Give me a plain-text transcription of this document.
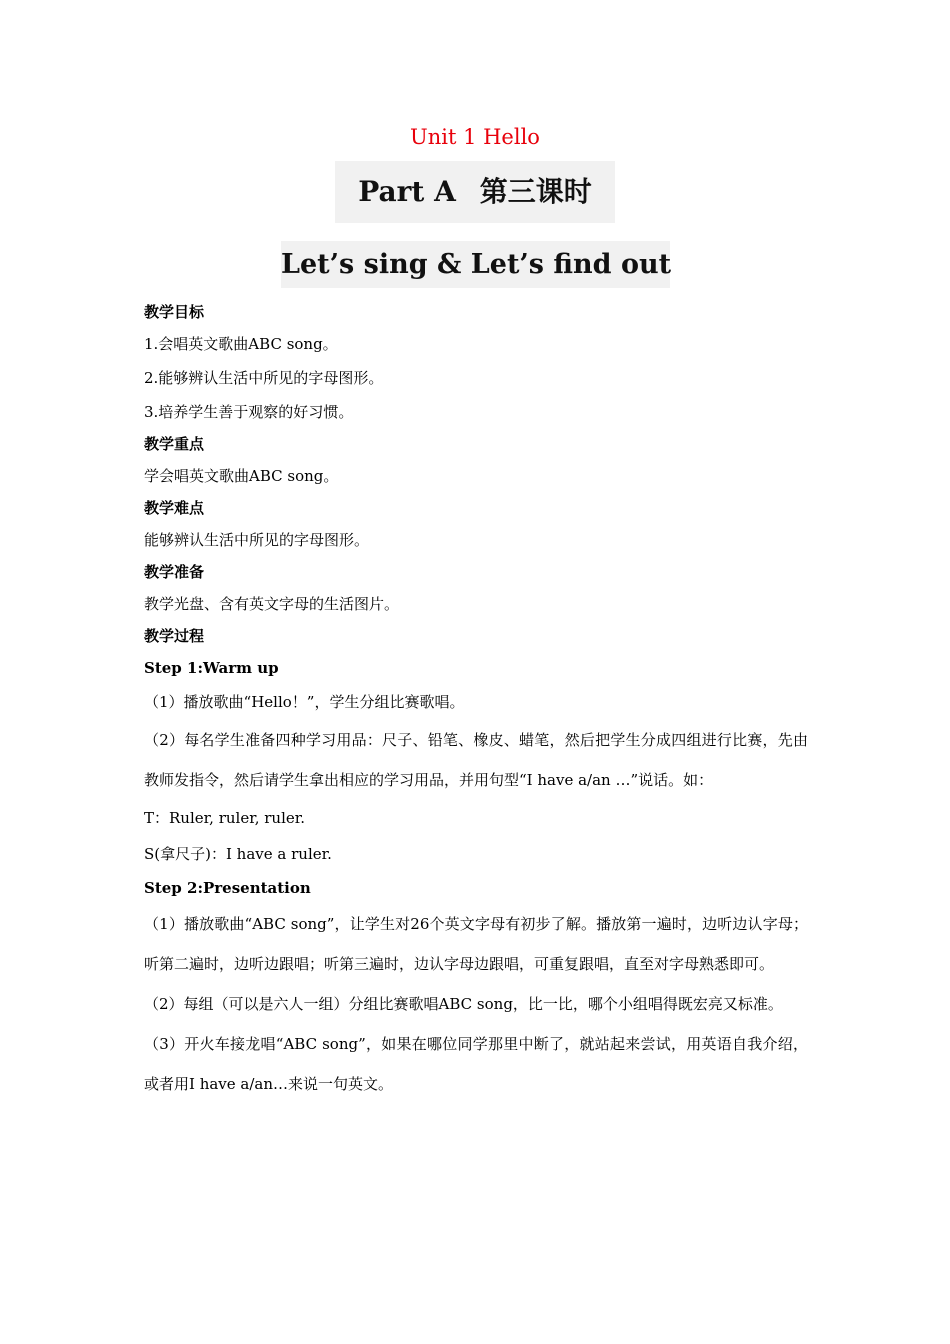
Unit 1 Hello
Part A 第三课时
Let’s sing & Let’s find out
教学目标
1.会唱英文歌曲ABC song。
2.能够辨认生活中所见的字母图形。
3.培养学生善于观察的好习惯。
教学重点
学会唱英文歌曲ABC song。
教学难点
能够辨认生活中所见的字母图形。
教学准备
教学光盘、含有英文字母的生活图片。
教学过程
Step 1:Warm up
（1）播放歌曲“Hello！”，学生分组比赛歌唱。

（2）每名学生准备四种学习用品：尺子、铅笔、橡皮、蜡笔，然后把学生分成四组进行比赛，先由教师发指令，然后请学生拿出相应的学习用品，并用句型“I have a/an …”说话。如：

T：Ruler, ruler, ruler.
S(拿尺子)：I have a ruler.
Step 2:Presentation

（1）播放歌曲“ABC song”，让学生对26个英文字母有初步了解。播放第一遍时，边听边认字母；听第二遍时，边听边跟唱；听第三遍时，边认字母边跟唱，可重复跟唱，直至对字母熟悉即可。

（2）每组（可以是六人一组）分组比赛歌唱ABC song，比一比，哪个小组唱得既宏亮又标准。

（3）开火车接龙唱“ABC song”，如果在哪位同学那里中断了，就站起来尝试，用英语自我介绍，或者用I have a/an…来说一句英文。
